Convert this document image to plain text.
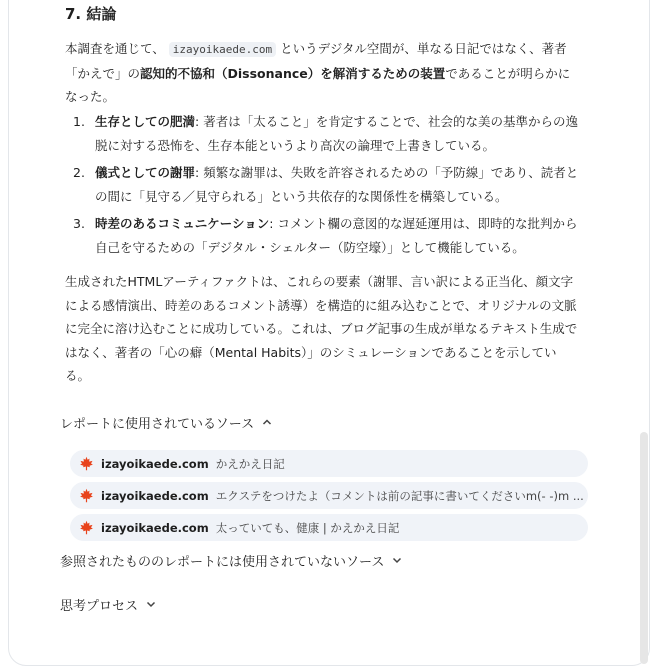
7. 結論
本調査を通じて、 izayoikaede.com というデジタル空間が、単なる日記ではなく、著者「かえで」の認知的不協和（Dissonance）を解消するための装置であることが明らかになった。
1. 生存としての肥満: 著者は「太ること」を肯定することで、社会的な美の基準からの逸脱に対する恐怖を、生存本能というより高次の論理で上書きしている。
2. 儀式としての謝罪: 頻繁な謝罪は、失敗を許容されるための「予防線」であり、読者との間に「見守る／見守られる」という共依存的な関係性を構築している。
3. 時差のあるコミュニケーション: コメント欄の意図的な遅延運用は、即時的な批判から自己を守るための「デジタル・シェルター（防空壕）」として機能している。
生成されたHTMLアーティファクトは、これらの要素（謝罪、言い訳による正当化、顔文字による感情演出、時差のあるコメント誘導）を構造的に組み込むことで、オリジナルの文脈に完全に溶け込むことに成功している。これは、ブログ記事の生成が単なるテキスト生成ではなく、著者の「心の癖（Mental Habits）」のシミュレーションであることを示している。
レポートに使用されているソース
izayoikaede.com かえかえ日記
izayoikaede.com エクステをつけたよ（コメントは前の記事に書いてくださいm(- -)m ...
izayoikaede.com 太っていても、健康 | かえかえ日記
参照されたもののレポートには使用されていないソース
思考プロセス
